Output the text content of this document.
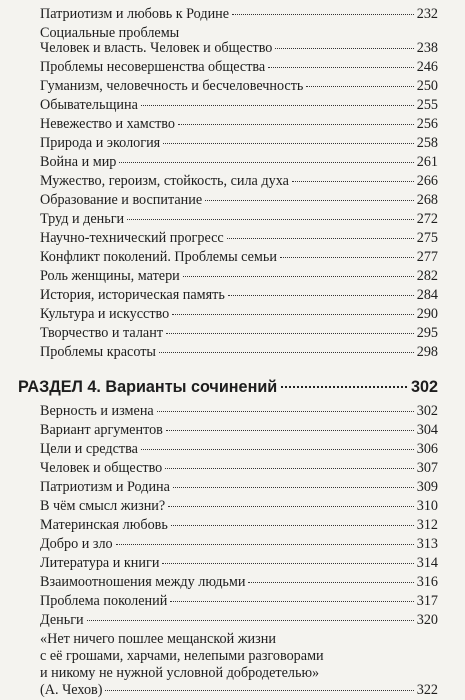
Патриотизм и любовь к Родине	232
Социальные проблемы
Человек и власть. Человек и общество	238
Проблемы несовершенства общества	246
Гуманизм, человечность и бесчеловечность	250
Обывательщина	255
Невежество и хамство	256
Природа и экология	258
Война и мир	261
Мужество, героизм, стойкость, сила духа	266
Образование и воспитание	268
Труд и деньги	272
Научно-технический прогресс	275
Конфликт поколений. Проблемы семьи	277
Роль женщины, матери	282
История, историческая память	284
Культура и искусство	290
Творчество и талант	295
Проблемы красоты	298
РАЗДЕЛ 4. Варианты сочинений	302
Верность и измена	302
Вариант аргументов	304
Цели и средства	306
Человек и общество	307
Патриотизм и Родина	309
В чём смысл жизни?	310
Материнская любовь	312
Добро и зло	313
Литература и книги	314
Взаимоотношения между людьми	316
Проблема поколений	317
Деньги	320
«Нет ничего пошлее мещанской жизни
с её грошами, харчами, нелепыми разговорами
и никому не нужной условной добродетелью»
(А. Чехов)	322
